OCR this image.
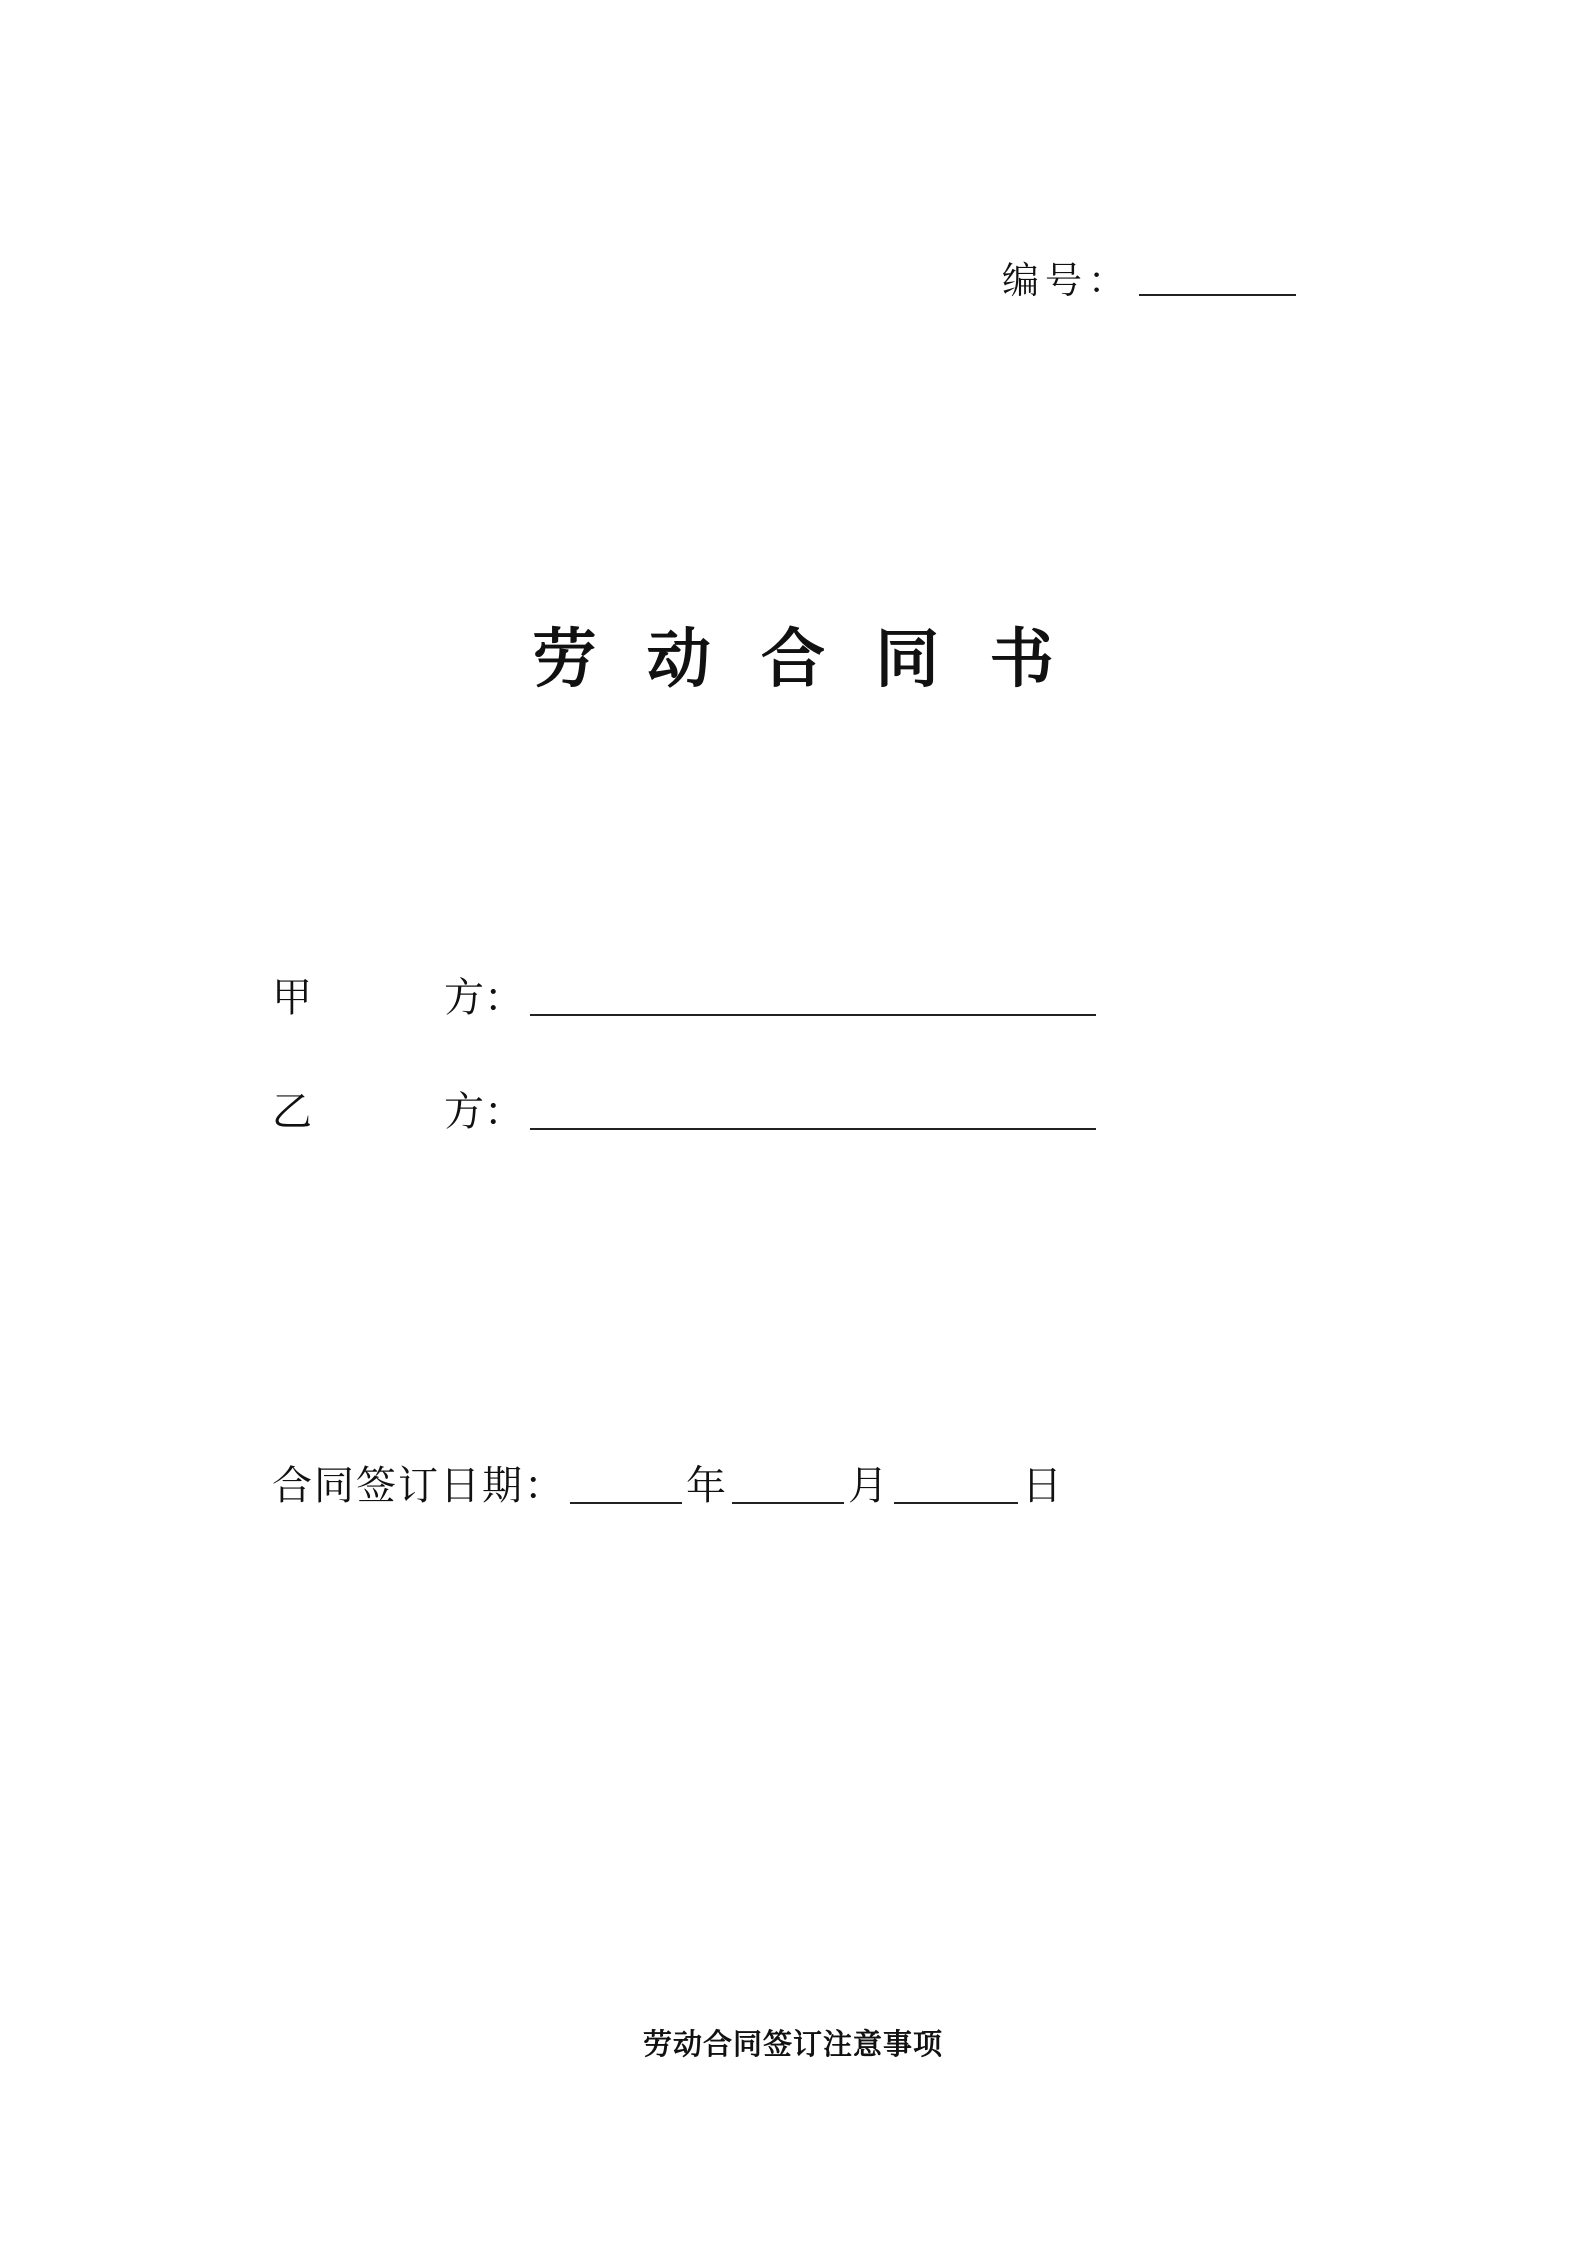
编号：
劳 动 合 同 书
甲	方：
乙	方：
合同签订日期：	年	月	日
劳动合同签订注意事项
